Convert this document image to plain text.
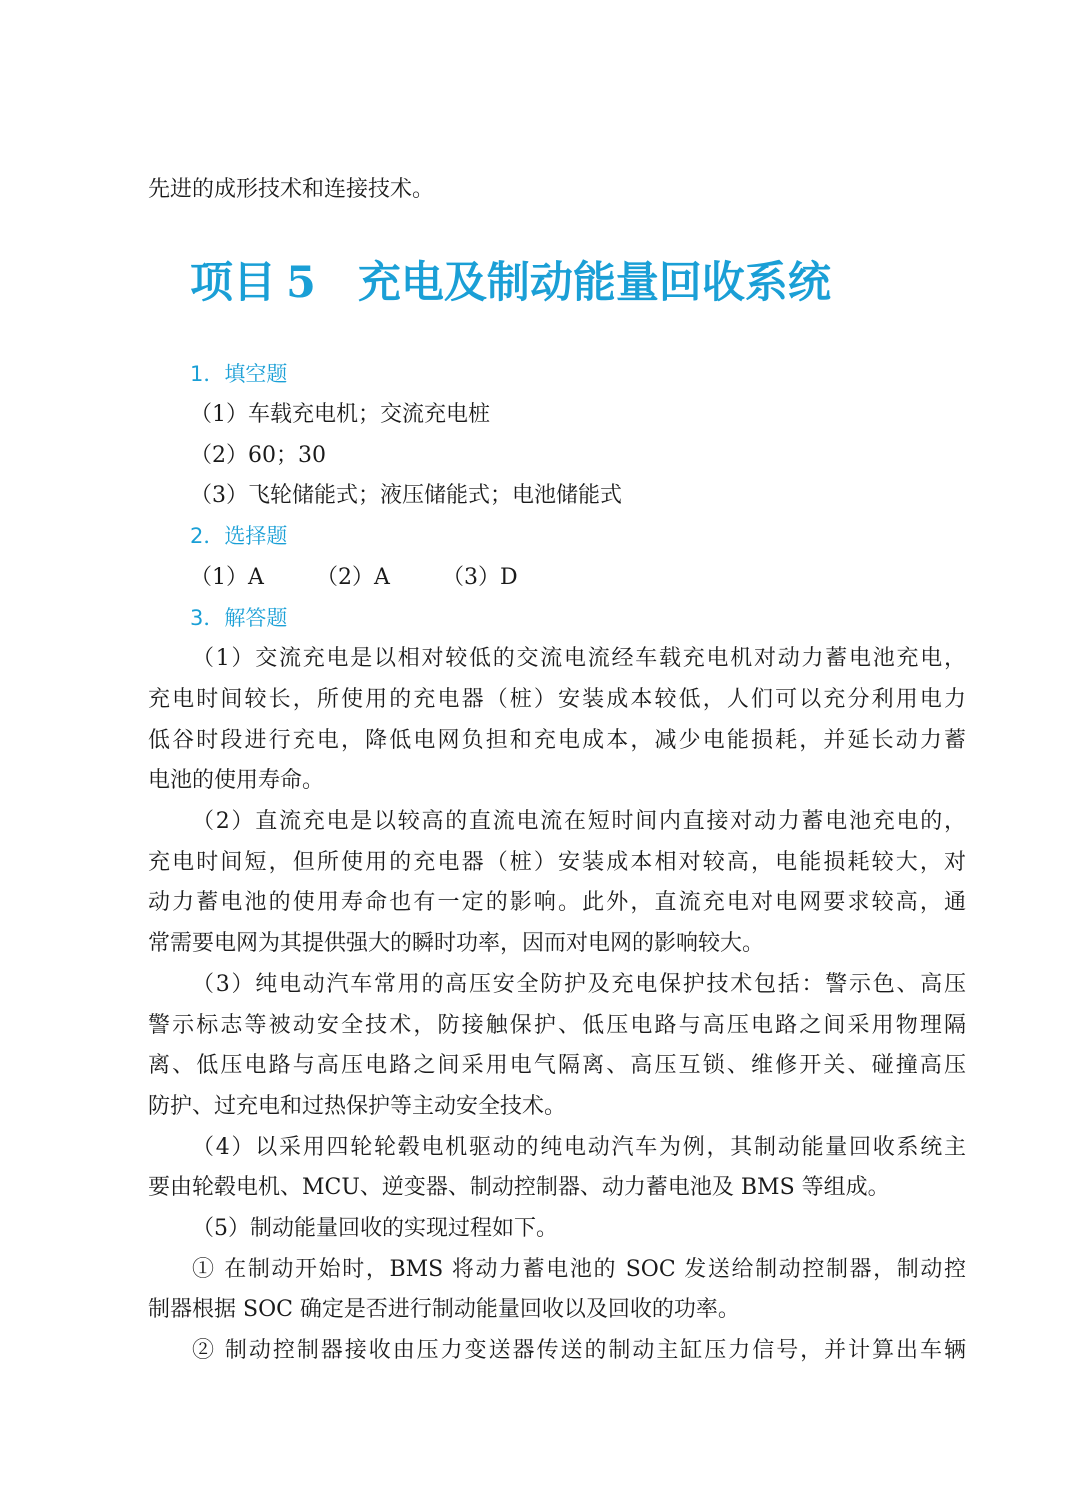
先进的成形技术和连接技术。
项目 5 充电及制动能量回收系统
1．填空题
（1）车载充电机；交流充电桩
（2）60；30
（3）飞轮储能式；液压储能式；电池储能式
2．选择题
（1）A （2）A （3）D
3．解答题
（1）交流充电是以相对较低的交流电流经车载充电机对动力蓄电池充电，
充电时间较长，所使用的充电器（桩）安装成本较低，人们可以充分利用电力
低谷时段进行充电，降低电网负担和充电成本，减少电能损耗，并延长动力蓄
电池的使用寿命。
（2）直流充电是以较高的直流电流在短时间内直接对动力蓄电池充电的，
充电时间短，但所使用的充电器（桩）安装成本相对较高，电能损耗较大，对
动力蓄电池的使用寿命也有一定的影响。此外，直流充电对电网要求较高，通
常需要电网为其提供强大的瞬时功率，因而对电网的影响较大。
（3）纯电动汽车常用的高压安全防护及充电保护技术包括：警示色、高压
警示标志等被动安全技术，防接触保护、低压电路与高压电路之间采用物理隔
离、低压电路与高压电路之间采用电气隔离、高压互锁、维修开关、碰撞高压
防护、过充电和过热保护等主动安全技术。
（4）以采用四轮轮毂电机驱动的纯电动汽车为例，其制动能量回收系统主
要由轮毂电机、MCU、逆变器、制动控制器、动力蓄电池及 BMS 等组成。
（5）制动能量回收的实现过程如下。
① 在制动开始时，BMS 将动力蓄电池的 SOC 发送给制动控制器，制动控
制器根据 SOC 确定是否进行制动能量回收以及回收的功率。
② 制动控制器接收由压力变送器传送的制动主缸压力信号，并计算出车辆
